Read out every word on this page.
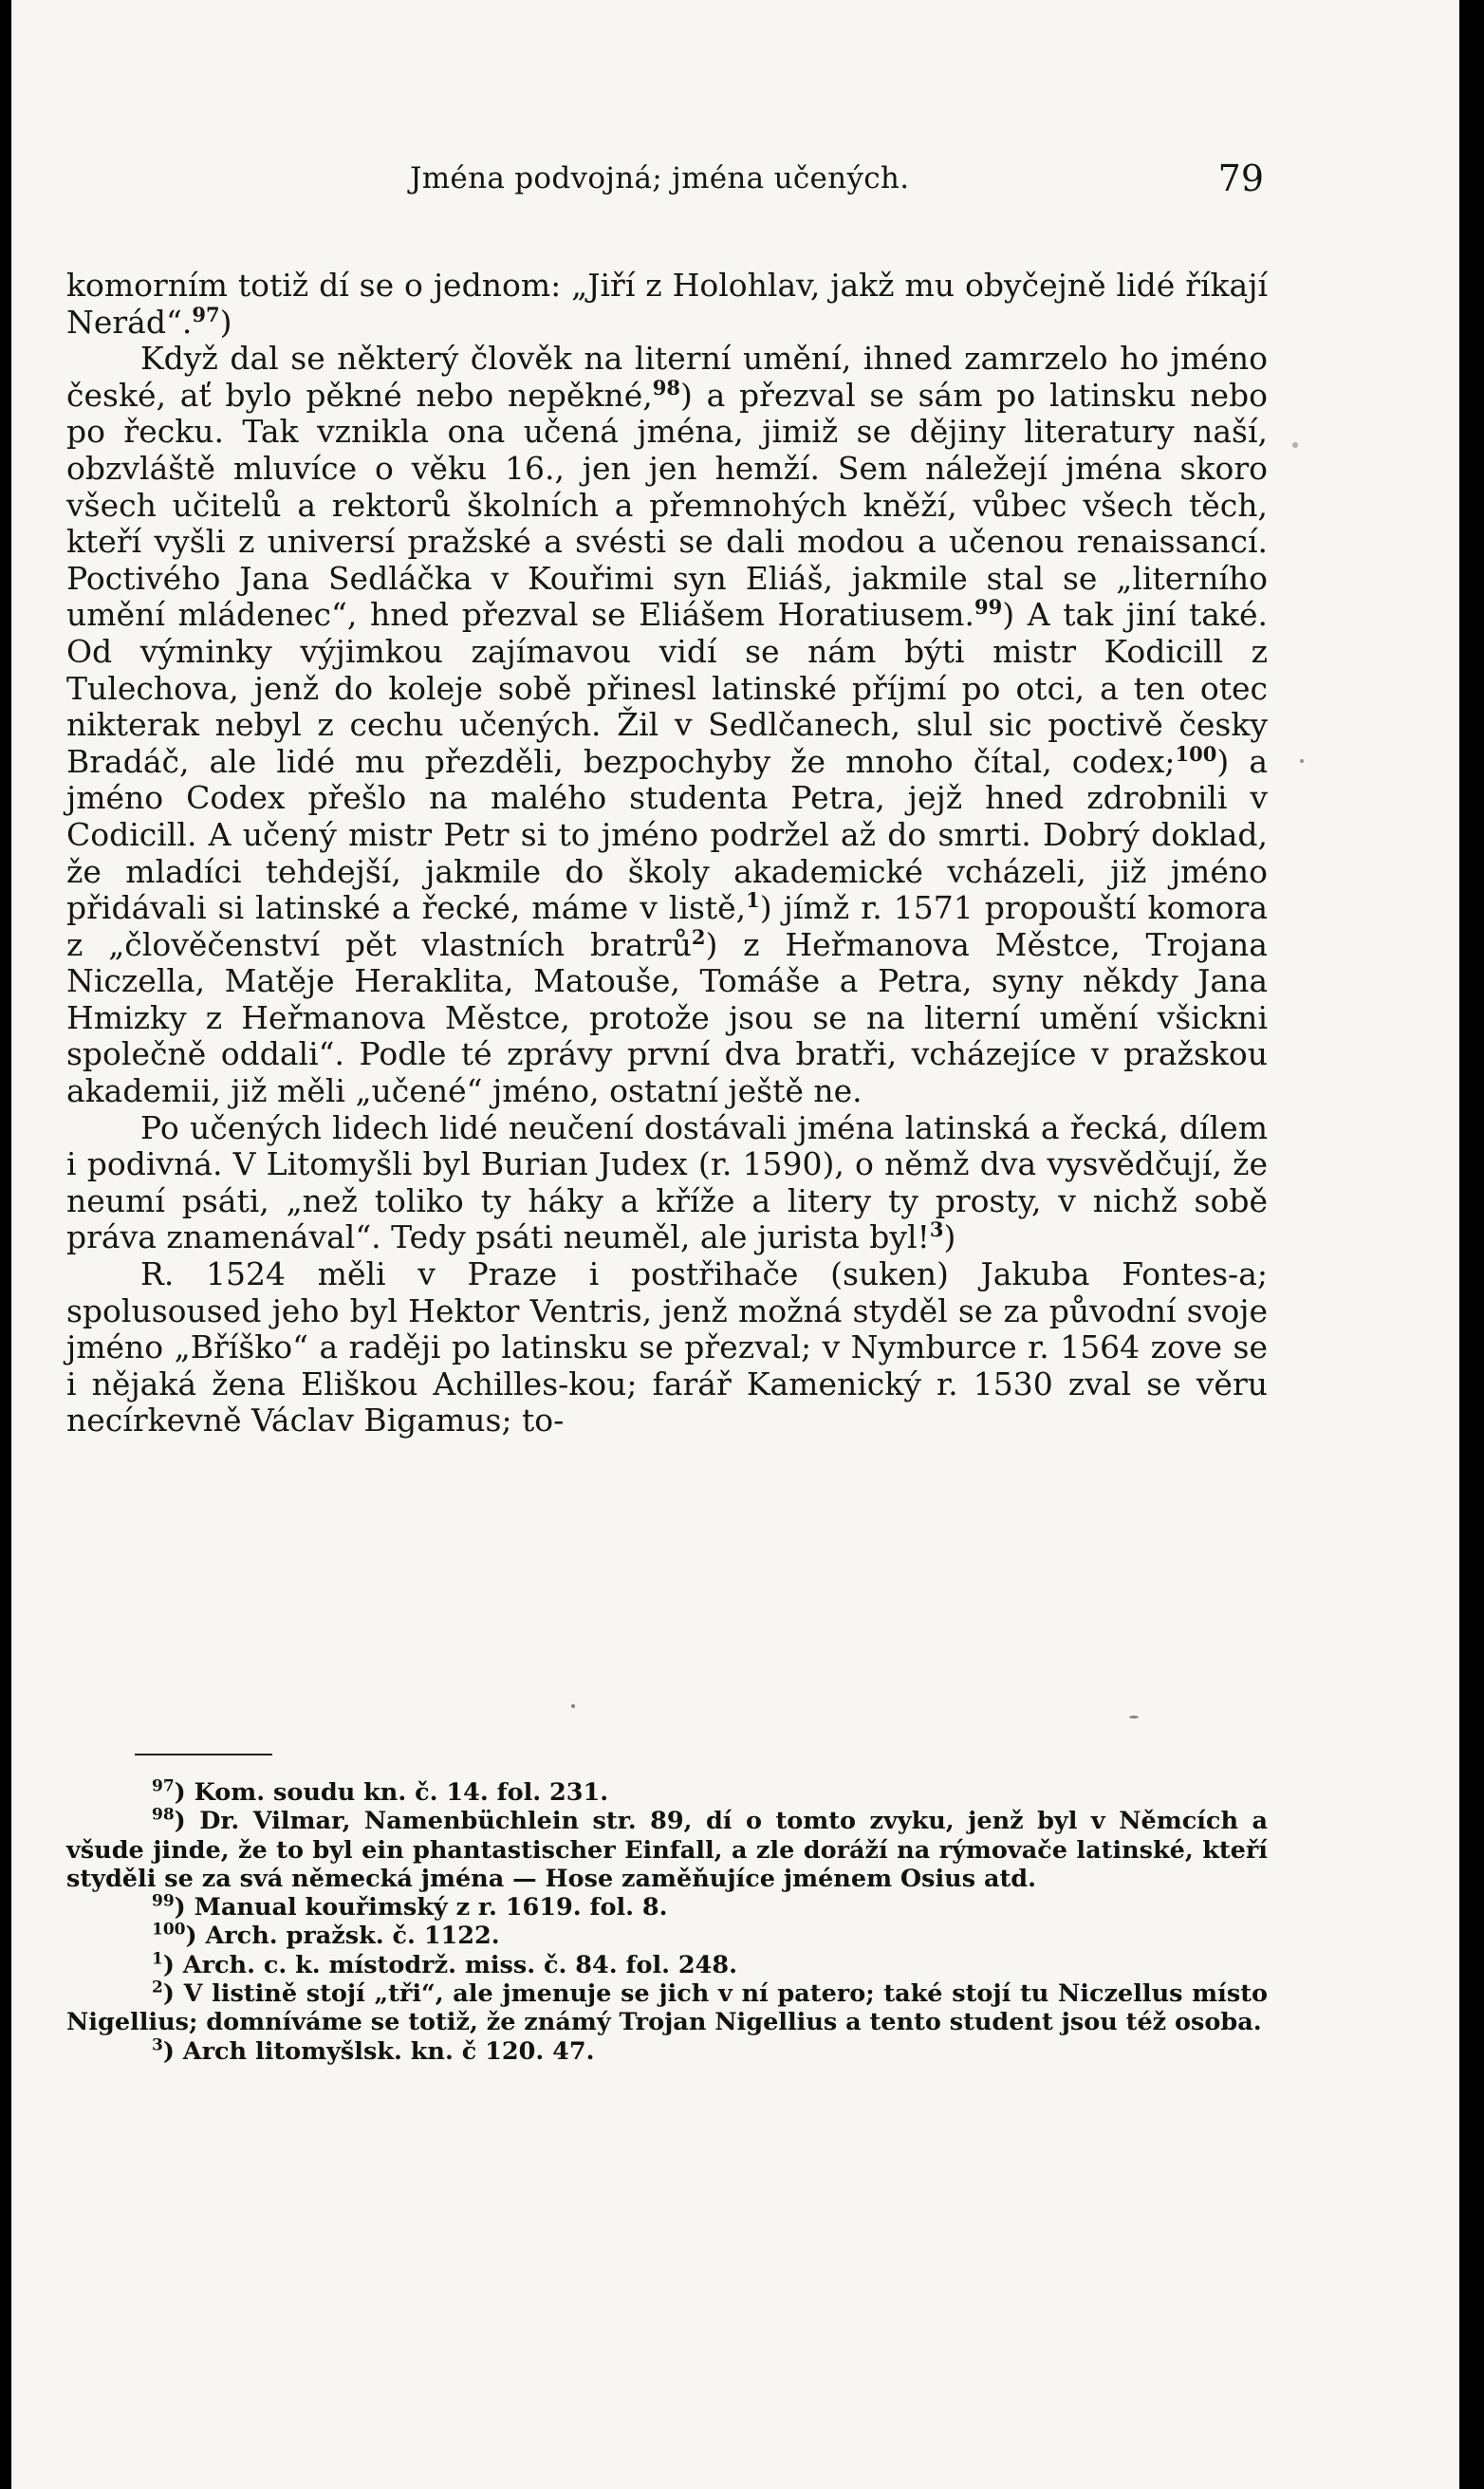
Jména podvojná; jména učených.	79

komorním totiž dí se o jednom: „Jiří z Holohlav, jakž mu obyčejně lidé říkají Nerád“.$^{97}$)

Když dal se některý člověk na literní umění, ihned zamrzelo ho jméno české, ať bylo pěkné nebo nepěkné,$^{98}$) a přezval se sám po latinsku nebo po řecku. Tak vznikla ona učená jména, jimiž se dějiny literatury naší, obzvláště mluvíce o věku 16., jen jen hemží. Sem náležejí jména skoro všech učitelů a rektorů školních a přemnohých kněží, vůbec všech těch, kteří vyšli z universí pražské a svésti se dali modou a učenou renaissancí. Poctivého Jana Sedláčka v Kouřimi syn Eliáš, jakmile stal se „literního umění mládenec“, hned přezval se Eliášem Horatiusem.$^{99}$) A tak jiní také. Od výminky výjimkou zajímavou vidí se nám býti mistr Kodicill z Tulechova, jenž do koleje sobě přinesl latinské příjmí po otci, a ten otec nikterak nebyl z cechu učených. Žil v Sedlčanech, slul sic poctivě česky Bradáč, ale lidé mu přezděli, bezpochyby že mnoho čítal, codex;$^{100}$) a jméno Codex přešlo na malého studenta Petra, jejž hned zdrobnili v Codicill. A učený mistr Petr si to jméno podržel až do smrti. Dobrý doklad, že mladíci tehdejší, jakmile do školy akademické vcházeli, již jméno přidávali si latinské a řecké, máme v listě,$^1$) jímž r. 1571 propouští komora z „člověčenství pět vlastních bratrů$^2$) z Heřmanova Městce, Trojana Niczella, Matěje Heraklita, Matouše, Tomáše a Petra, syny někdy Jana Hmizky z Heřmanova Městce, protože jsou se na literní umění všickni společně oddali“. Podle té zprávy první dva bratři, vcházejíce v pražskou akademii, již měli „učené“ jméno, ostatní ještě ne.

Po učených lidech lidé neučení dostávali jména latinská a řecká, dílem i podivná. V Litomyšli byl Burian Judex (r. 1590), o němž dva vysvědčují, že neumí psáti, „než toliko ty háky a kříže a litery ty prosty, v nichž sobě práva znamenával“. Tedy psáti neuměl, ale jurista byl!$^3$)

R. 1524 měli v Praze i postřihače (suken) Jakuba Fontes-a; spolusoused jeho byl Hektor Ventris, jenž možná styděl se za původní svoje jméno „Bříško“ a raději po latinsku se přezval; v Nymburce r. 1564 zove se i nějaká žena Eliškou Achilles-kou; farář Kamenický r. 1530 zval se věru necírkevně Václav Bigamus; to-

$^{97}$) Kom. soudu kn. č. 14. fol. 231.

$^{98}$) Dr. Vilmar, Namenbüchlein str. 89, dí o tomto zvyku, jenž byl v Němcích a všude jinde, že to byl ein phantastischer Einfall, a zle doráží na rýmovače latinské, kteří styděli se za svá německá jména — Hose zaměňujíce jménem Osius atd.

$^{99}$) Manual kouřimský z r. 1619. fol. 8.

$^{100}$) Arch. pražsk. č. 1122.

$^1$) Arch. c. k. místodrž. miss. č. 84. fol. 248.

$^2$) V listině stojí „tři“, ale jmenuje se jich v ní patero; také stojí tu Niczellus místo Nigellius; domníváme se totiž, že známý Trojan Nigellius a tento student jsou též osoba.

$^3$) Arch litomyšlsk. kn. č 120. 47.
